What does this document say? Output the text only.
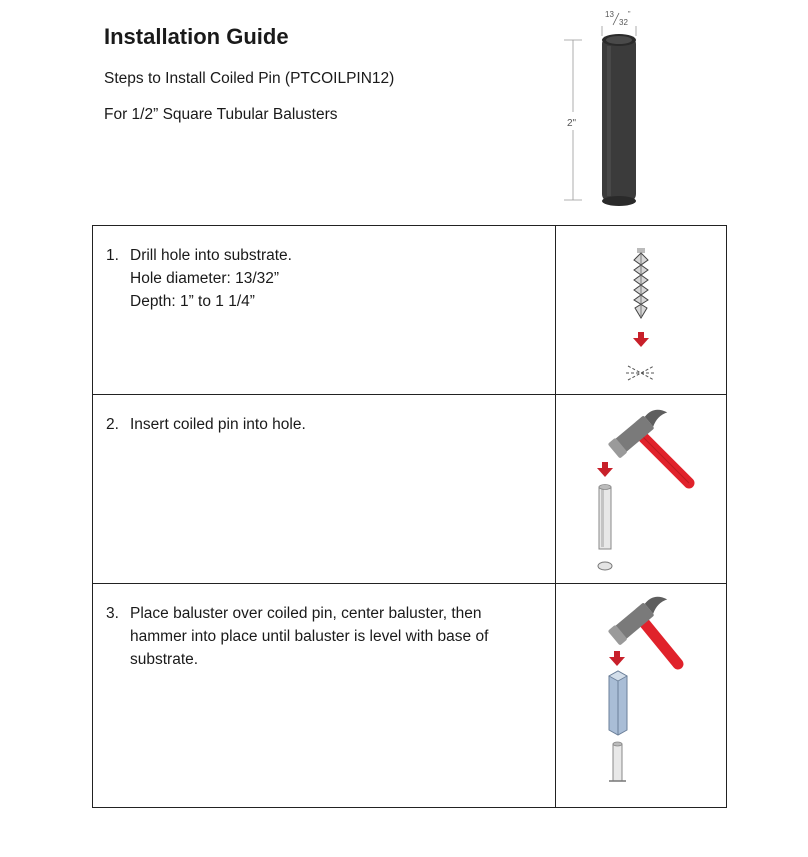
Installation Guide
Steps to Install Coiled Pin (PTCOILPIN12)
For 1/2” Square Tubular Balusters
13
32
"
2"
1. Drill hole into substrate.
Hole diameter: 13/32”
Depth: 1” to 1 1/4”

2. Insert coiled pin into hole.

3. Place baluster over coiled pin, center baluster, then
hammer into place until baluster is level with base of
substrate.
